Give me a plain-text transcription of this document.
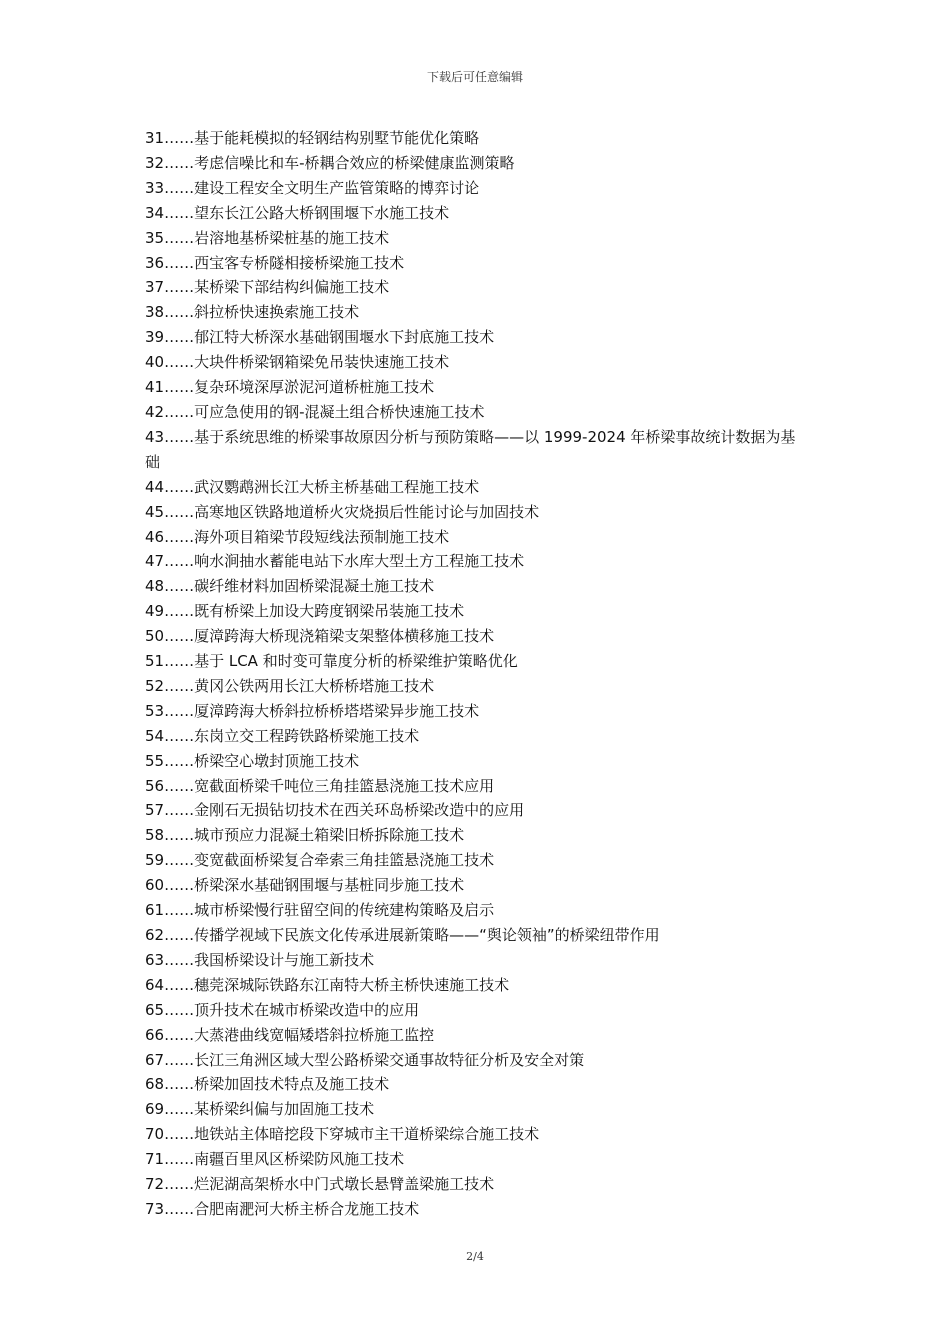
下载后可任意编辑
31……基于能耗模拟的轻钢结构别墅节能优化策略
32……考虑信噪比和车-桥耦合效应的桥梁健康监测策略
33……建设工程安全文明生产监管策略的博弈讨论
34……望东长江公路大桥钢围堰下水施工技术
35……岩溶地基桥梁桩基的施工技术
36……西宝客专桥隧相接桥梁施工技术
37……某桥梁下部结构纠偏施工技术
38……斜拉桥快速换索施工技术
39……郁江特大桥深水基础钢围堰水下封底施工技术
40……大块件桥梁钢箱梁免吊装快速施工技术
41……复杂环境深厚淤泥河道桥桩施工技术
42……可应急使用的钢-混凝土组合桥快速施工技术
43……基于系统思维的桥梁事故原因分析与预防策略——以 1999-2024 年桥梁事故统计数据为基础
44……武汉鹦鹉洲长江大桥主桥基础工程施工技术
45……高寒地区铁路地道桥火灾烧损后性能讨论与加固技术
46……海外项目箱梁节段短线法预制施工技术
47……响水涧抽水蓄能电站下水库大型土方工程施工技术
48……碳纤维材料加固桥梁混凝土施工技术
49……既有桥梁上加设大跨度钢梁吊装施工技术
50……厦漳跨海大桥现浇箱梁支架整体横移施工技术
51……基于 LCA 和时变可靠度分析的桥梁维护策略优化
52……黄冈公铁两用长江大桥桥塔施工技术
53……厦漳跨海大桥斜拉桥桥塔塔梁异步施工技术
54……东岗立交工程跨铁路桥梁施工技术
55……桥梁空心墩封顶施工技术
56……宽截面桥梁千吨位三角挂篮悬浇施工技术应用
57……金刚石无损钻切技术在西关环岛桥梁改造中的应用
58……城市预应力混凝土箱梁旧桥拆除施工技术
59……变宽截面桥梁复合牵索三角挂篮悬浇施工技术
60……桥梁深水基础钢围堰与基桩同步施工技术
61……城市桥梁慢行驻留空间的传统建构策略及启示
62……传播学视域下民族文化传承进展新策略——“舆论领袖”的桥梁纽带作用
63……我国桥梁设计与施工新技术
64……穗莞深城际铁路东江南特大桥主桥快速施工技术
65……顶升技术在城市桥梁改造中的应用
66……大蒸港曲线宽幅矮塔斜拉桥施工监控
67……长江三角洲区域大型公路桥梁交通事故特征分析及安全对策
68……桥梁加固技术特点及施工技术
69……某桥梁纠偏与加固施工技术
70……地铁站主体暗挖段下穿城市主干道桥梁综合施工技术
71……南疆百里风区桥梁防风施工技术
72……烂泥湖高架桥水中门式墩长悬臂盖梁施工技术
73……合肥南淝河大桥主桥合龙施工技术
2/4
